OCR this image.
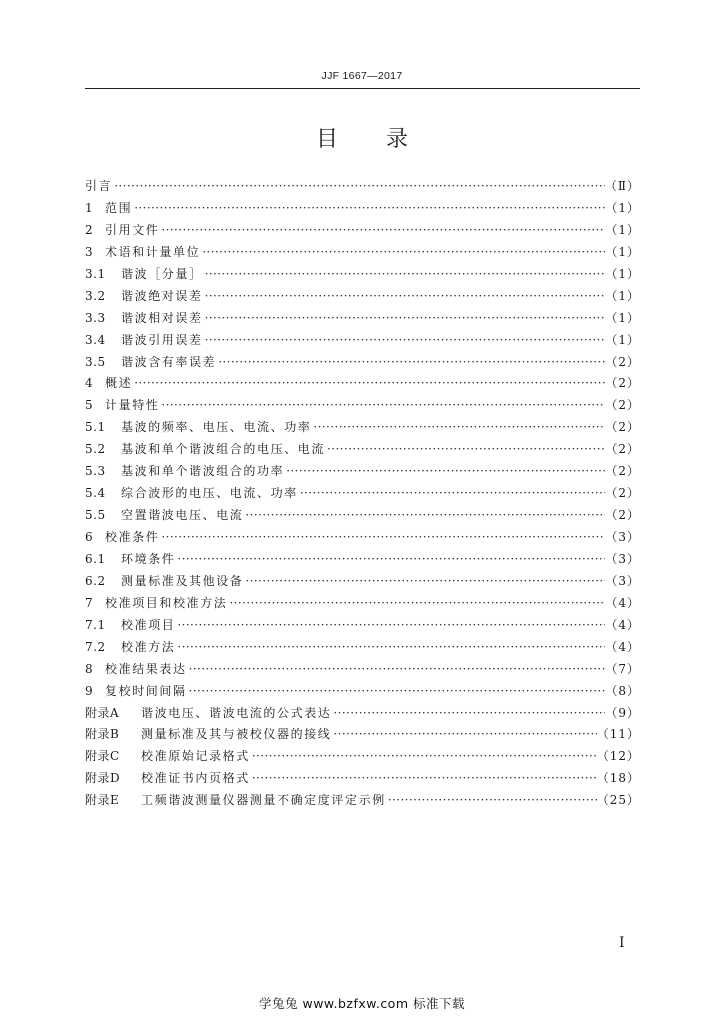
JJF 1667—2017
目录
引言 ·····	（Ⅱ）
1 范围 ·····	（1）
2 引用文件 ·····	（1）
3 术语和计量单位 ·····	（1）
3.1	谐波［分量］ ·····	（1）
3.2	谐波绝对误差 ·····	（1）
3.3	谐波相对误差 ·····	（1）
3.4	谐波引用误差 ·····	（1）
3.5	谐波含有率误差 ·····	（2）
4 概述 ·····	（2）
5 计量特性 ·····	（2）
5.1	基波的频率、电压、电流、功率 ·····	（2）
5.2	基波和单个谐波组合的电压、电流 ·····	（2）
5.3	基波和单个谐波组合的功率 ·····	（2）
5.4	综合波形的电压、电流、功率 ·····	（2）
5.5	空置谐波电压、电流 ·····	（2）
6 校准条件 ·····	（3）
6.1	环境条件 ·····	（3）
6.2	测量标准及其他设备 ·····	（3）
7 校准项目和校准方法 ·····	（4）
7.1	校准项目 ·····	（4）
7.2	校准方法 ·····	（4）
8 校准结果表达 ·····	（7）
9 复校时间间隔 ·····	（8）
附录A	谐波电压、谐波电流的公式表达 ·····	（9）
附录B	测量标准及其与被校仪器的接线 ·····	（11）
附录C	校准原始记录格式 ·····	（12）
附录D	校准证书内页格式 ·····	（18）
附录E	工频谐波测量仪器测量不确定度评定示例 ·····	（25）
Ⅰ
学兔兔 www.bzfxw.com 标准下载
